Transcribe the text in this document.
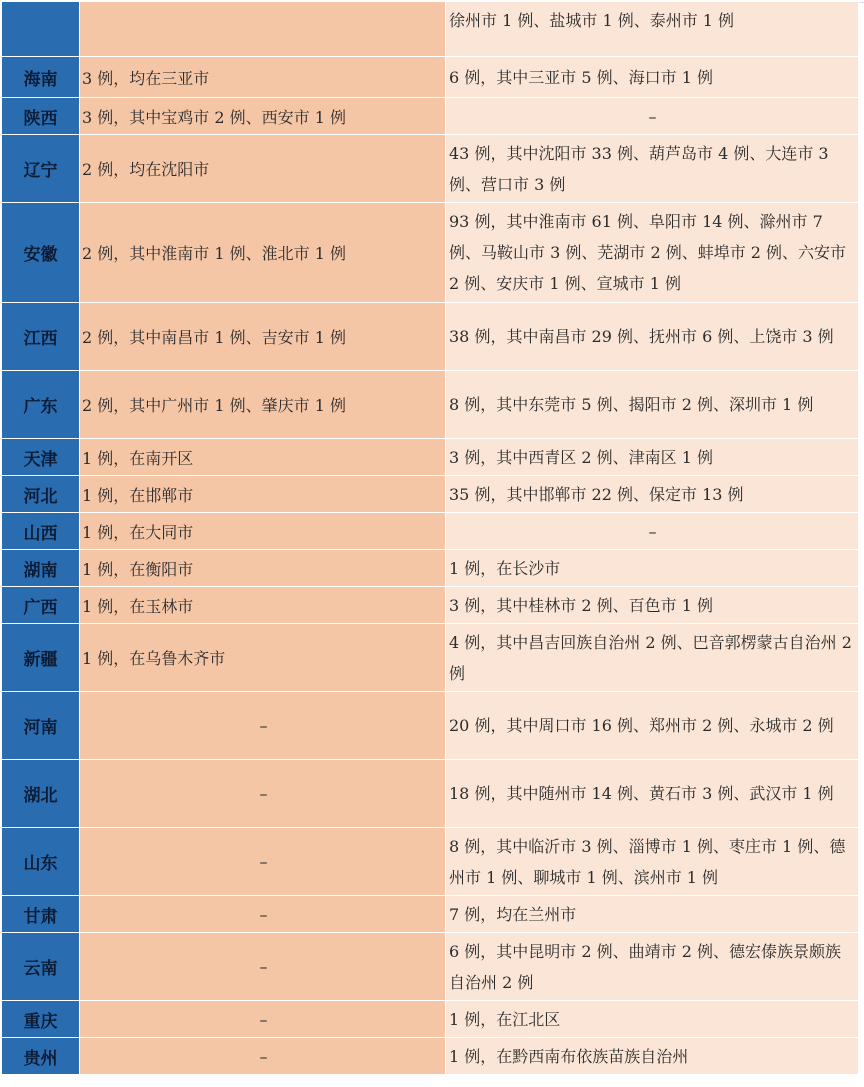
		徐州市 1 例、盐城市 1 例、泰州市 1 例
海南	3 例，均在三亚市	6 例，其中三亚市 5 例、海口市 1 例
陕西	3 例，其中宝鸡市 2 例、西安市 1 例	–
辽宁	2 例，均在沈阳市	43 例，其中沈阳市 33 例、葫芦岛市 4 例、大连市 3 例、营口市 3 例
安徽	2 例，其中淮南市 1 例、淮北市 1 例	93 例，其中淮南市 61 例、阜阳市 14 例、滁州市 7 例、马鞍山市 3 例、芜湖市 2 例、蚌埠市 2 例、六安市 2 例、安庆市 1 例、宣城市 1 例
江西	2 例，其中南昌市 1 例、吉安市 1 例	38 例，其中南昌市 29 例、抚州市 6 例、上饶市 3 例
广东	2 例，其中广州市 1 例、肇庆市 1 例	8 例，其中东莞市 5 例、揭阳市 2 例、深圳市 1 例
天津	1 例，在南开区	3 例，其中西青区 2 例、津南区 1 例
河北	1 例，在邯郸市	35 例，其中邯郸市 22 例、保定市 13 例
山西	1 例，在大同市	–
湖南	1 例，在衡阳市	1 例，在长沙市
广西	1 例，在玉林市	3 例，其中桂林市 2 例、百色市 1 例
新疆	1 例，在乌鲁木齐市	4 例，其中昌吉回族自治州 2 例、巴音郭楞蒙古自治州 2 例
河南	–	20 例，其中周口市 16 例、郑州市 2 例、永城市 2 例
湖北	–	18 例，其中随州市 14 例、黄石市 3 例、武汉市 1 例
山东	–	8 例，其中临沂市 3 例、淄博市 1 例、枣庄市 1 例、德州市 1 例、聊城市 1 例、滨州市 1 例
甘肃	–	7 例，均在兰州市
云南	–	6 例，其中昆明市 2 例、曲靖市 2 例、德宏傣族景颇族自治州 2 例
重庆	–	1 例，在江北区
贵州	–	1 例，在黔西南布依族苗族自治州
